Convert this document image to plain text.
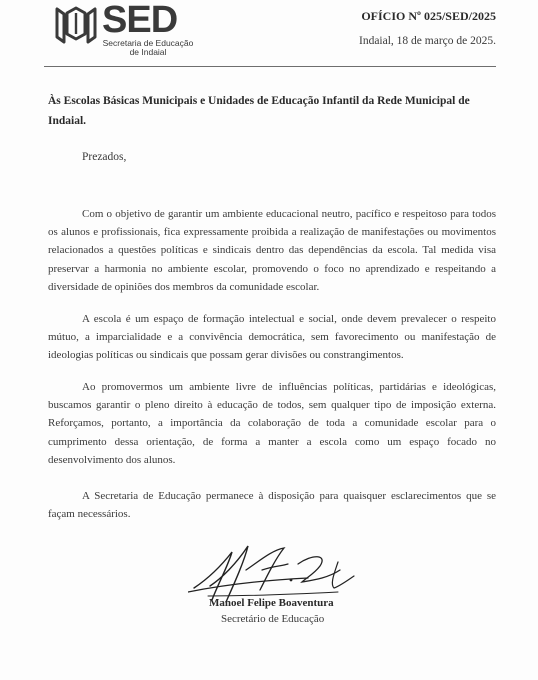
SED
Secretaria de Educação de Indaial
OFÍCIO Nº 025/SED/2025
Indaial, 18 de março de 2025.
Às Escolas Básicas Municipais e Unidades de Educação Infantil da Rede Municipal de Indaial.
Prezados,
Com o objetivo de garantir um ambiente educacional neutro, pacífico e respeitoso para todos os alunos e profissionais, fica expressamente proibida a realização de manifestações ou movimentos relacionados a questões políticas e sindicais dentro das dependências da escola. Tal medida visa preservar a harmonia no ambiente escolar, promovendo o foco no aprendizado e respeitando a diversidade de opiniões dos membros da comunidade escolar.
A escola é um espaço de formação intelectual e social, onde devem prevalecer o respeito mútuo, a imparcialidade e a convivência democrática, sem favorecimento ou manifestação de ideologias políticas ou sindicais que possam gerar divisões ou constrangimentos.
Ao promovermos um ambiente livre de influências políticas, partidárias e ideológicas, buscamos garantir o pleno direito à educação de todos, sem qualquer tipo de imposição externa. Reforçamos, portanto, a importância da colaboração de toda a comunidade escolar para o cumprimento dessa orientação, de forma a manter a escola como um espaço focado no desenvolvimento dos alunos.
A Secretaria de Educação permanece à disposição para quaisquer esclarecimentos que se façam necessários.
Manoel Felipe Boaventura
Secretário de Educação
